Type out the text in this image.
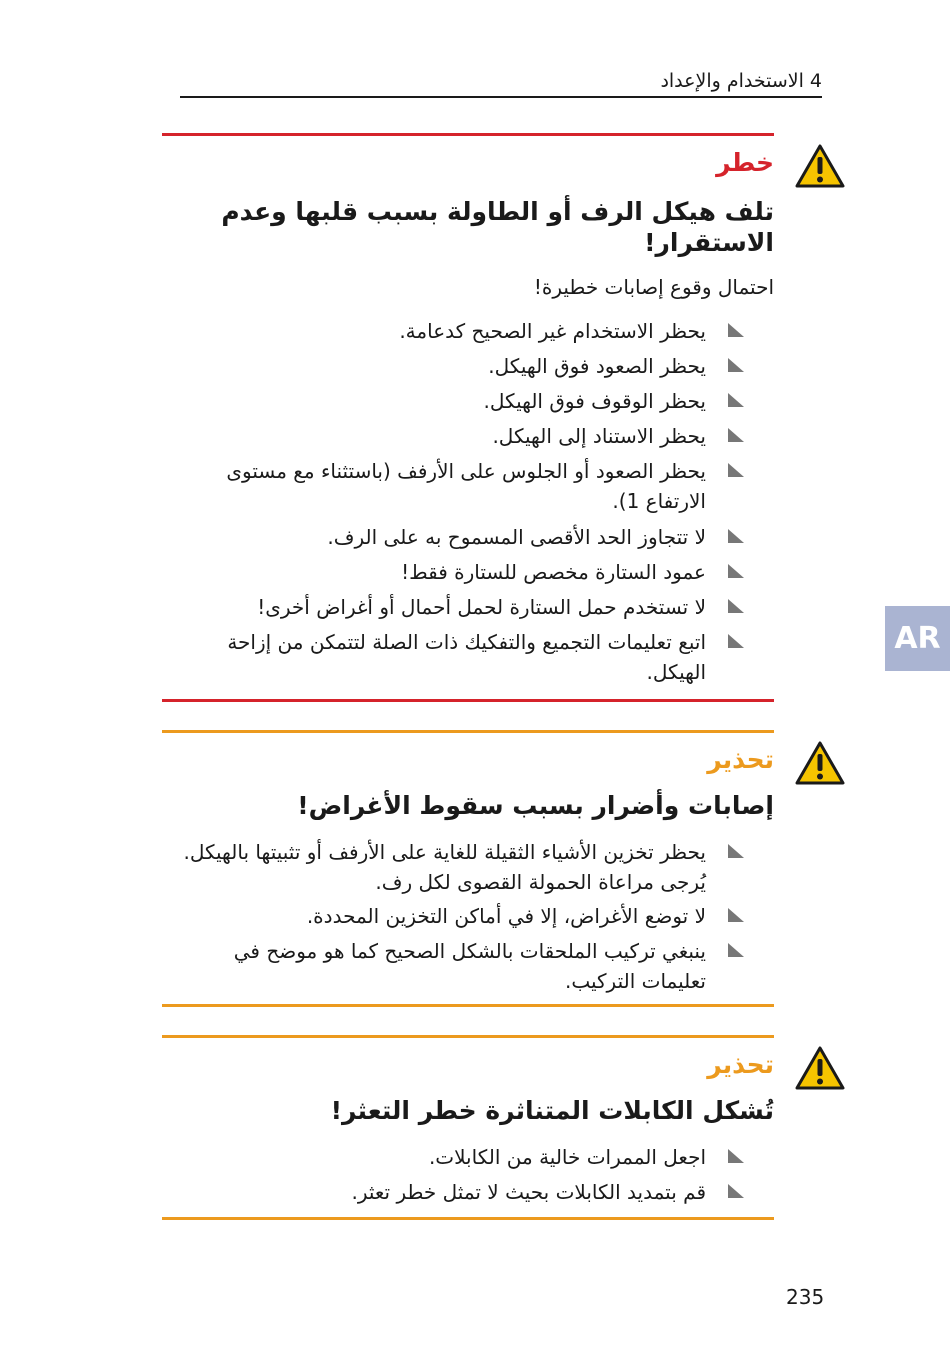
4 الاستخدام والإعداد
خطر
تلف هيكل الرف أو الطاولة بسبب قلبها وعدم الاستقرار!
احتمال وقوع إصابات خطيرة!
يحظر الاستخدام غير الصحيح كدعامة.
يحظر الصعود فوق الهيكل.
يحظر الوقوف فوق الهيكل.
يحظر الاستناد إلى الهيكل.
يحظر الصعود أو الجلوس على الأرفف (باستثناء مع مستوى الارتفاع 1).
لا تتجاوز الحد الأقصى المسموح به على الرف.
عمود الستارة مخصص للستارة فقط!
لا تستخدم حمل الستارة لحمل أحمال أو أغراض أخرى!
اتبع تعليمات التجميع والتفكيك ذات الصلة لتتمكن من إزاحة الهيكل.
تحذير
إصابات وأضرار بسبب سقوط الأغراض!
يحظر تخزين الأشياء الثقيلة للغاية على الأرفف أو تثبيتها بالهيكل. يُرجى مراعاة الحمولة القصوى لكل رف.
لا توضع الأغراض، إلا في أماكن التخزين المحددة.
ينبغي تركيب الملحقات بالشكل الصحيح كما هو موضح في تعليمات التركيب.
تحذير
تُشكل الكابلات المتناثرة خطر التعثر!
اجعل الممرات خالية من الكابلات.
قم بتمديد الكابلات بحيث لا تمثل خطر تعثر.
AR
235
